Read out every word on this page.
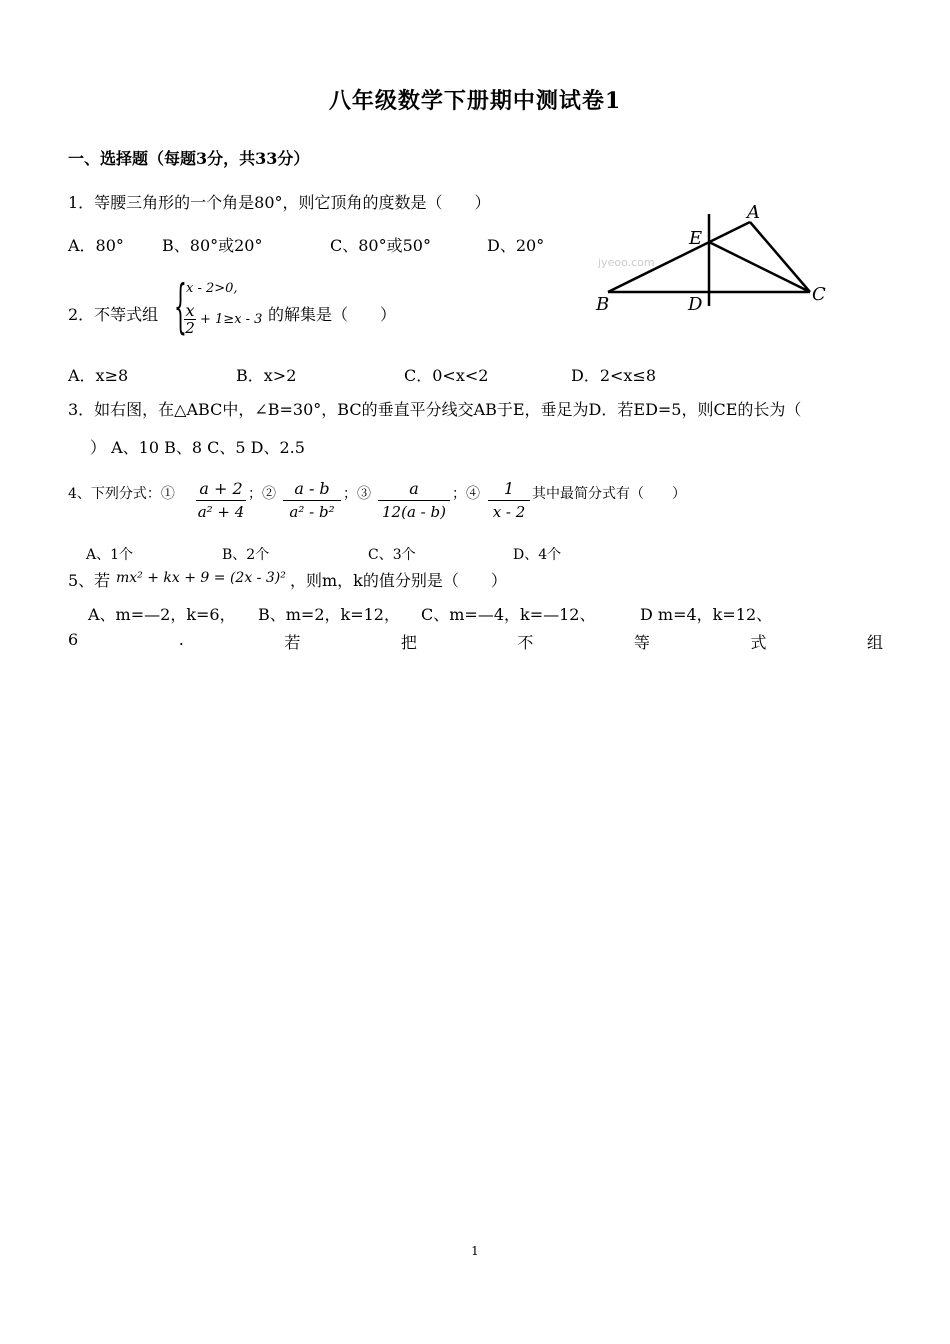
八年级数学下册期中测试卷1
一、选择题（每题3分，共33分）
1．等腰三角形的一个角是80°，则它顶角的度数是（　　）
A．80° B、80°或20°	C、80°或50°	D、20°
jyeoo.com
A
E
B	D	C
2．不等式组 { x - 2>0,
x
2 + 1≥x - 3 的解集是（　　）
A．x≥8	B．x>2	C．0<x<2	D．2<x≤8
3．如右图，在△ABC中，∠B=30°，BC的垂直平分线交AB于E，垂足为D．若ED=5，则CE的长为（
） A、10 B、8 C、5 D、2.5
4、下列分式：① a + 2
a² + 4
；②	a - b
a² - b²
；③	a
12(a - b)
；④	1
x - 2
其中最简分式有（　　）
A、1个	B、2个	C、3个	D、4个
5、若 mx² + kx + 9 = (2x - 3)² ，则m，k的值分别是（　　）
A、m=—2，k=6， B、m=2，k=12， C、m=—4，k=—12、	D m=4，k=12、
6	.	若	把	不	等	式	组
1
